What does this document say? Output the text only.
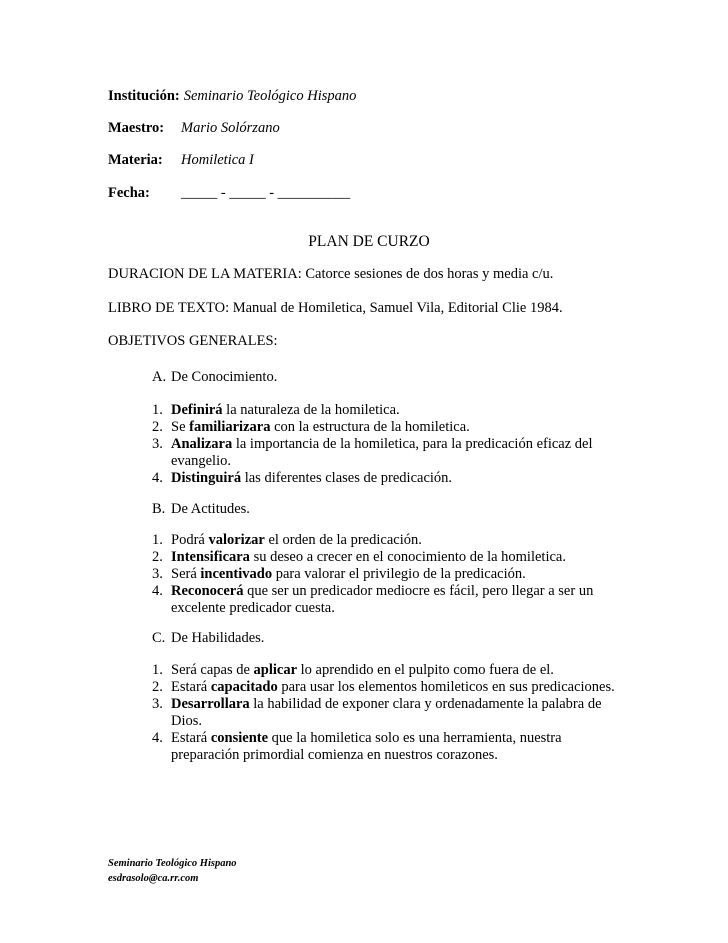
Institución: Seminario Teológico Hispano
Maestro:	Mario Solórzano
Materia:	Homiletica I
Fecha:	_____ - _____ - __________
PLAN DE CURZO
DURACION DE LA MATERIA: Catorce sesiones de dos horas y media c/u.
LIBRO DE TEXTO: Manual de Homiletica, Samuel Vila, Editorial Clie 1984.
OBJETIVOS GENERALES:
A. De Conocimiento.
1. Definirá la naturaleza de la homiletica.
2. Se familiarizara con la estructura de la homiletica.
3. Analizara la importancia de la homiletica, para la predicación eficaz del evangelio.
4. Distinguirá las diferentes clases de predicación.
B. De Actitudes.
1. Podrá valorizar el orden de la predicación.
2. Intensificara su deseo a crecer en el conocimiento de la homiletica.
3. Será incentivado para valorar el privilegio de la predicación.
4. Reconocerá que ser un predicador mediocre es fácil, pero llegar a ser un excelente predicador cuesta.
C. De Habilidades.
1. Será capas de aplicar lo aprendido en el pulpito como fuera de el.
2. Estará capacitado para usar los elementos homileticos en sus predicaciones.
3. Desarrollara la habilidad de exponer clara y ordenadamente la palabra de Dios.
4. Estará consiente que la homiletica solo es una herramienta, nuestra preparación primordial comienza en nuestros corazones.
Seminario Teológico Hispano
esdrasolo@ca.rr.com
